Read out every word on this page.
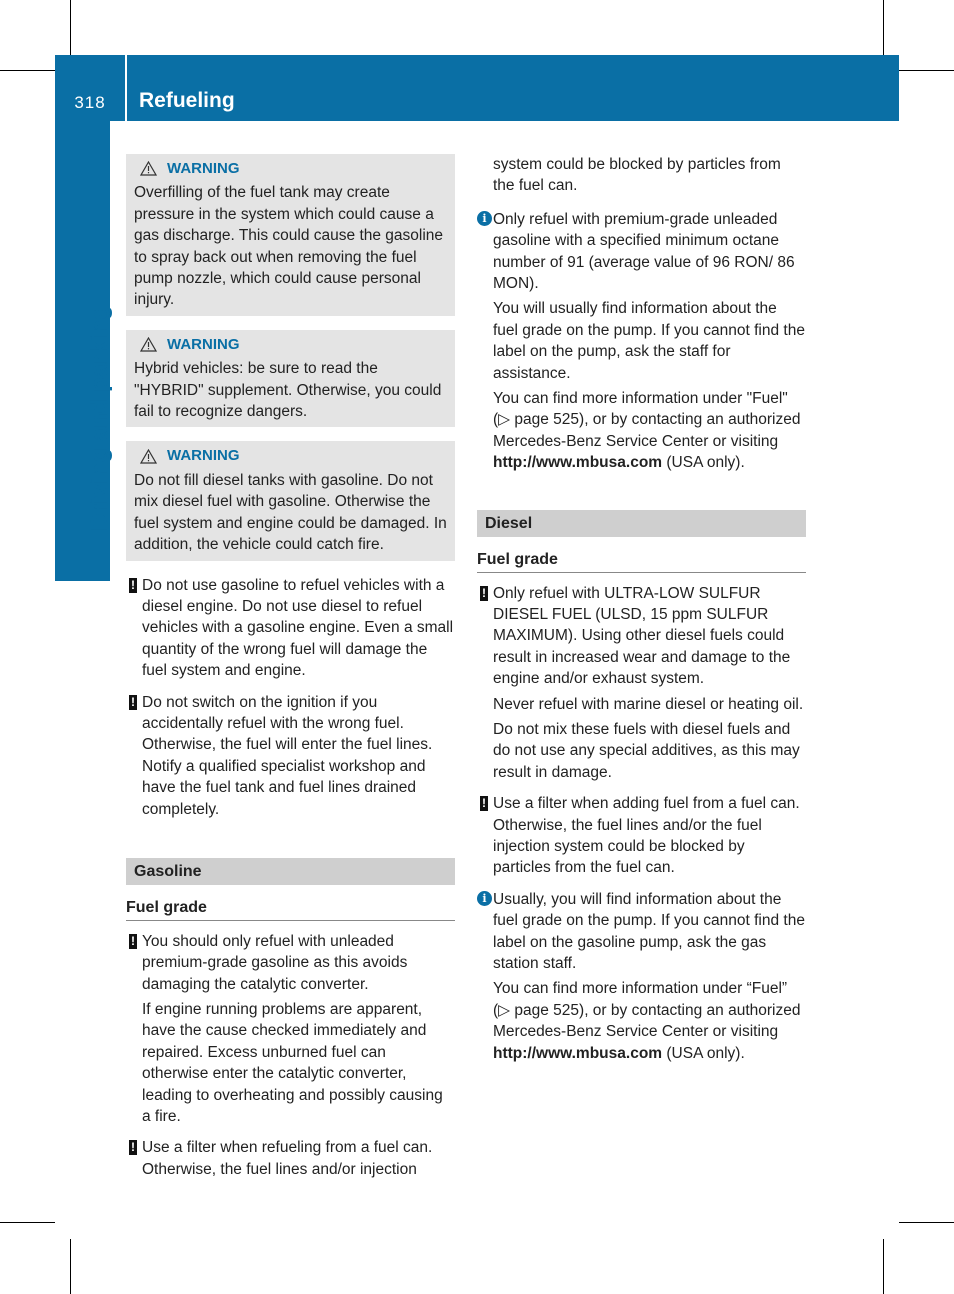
318	Refueling
Driving and parking
WARNING
Overfilling of the fuel tank may create pressure in the system which could cause a gas discharge. This could cause the gasoline to spray back out when removing the fuel pump nozzle, which could cause personal injury.
WARNING
Hybrid vehicles: be sure to read the "HYBRID" supplement. Otherwise, you could fail to recognize dangers.
WARNING
Do not fill diesel tanks with gasoline. Do not mix diesel fuel with gasoline. Otherwise the fuel system and engine could be damaged. In addition, the vehicle could catch fire.
! Do not use gasoline to refuel vehicles with a diesel engine. Do not use diesel to refuel vehicles with a gasoline engine. Even a small quantity of the wrong fuel will damage the fuel system and engine.

! Do not switch on the ignition if you accidentally refuel with the wrong fuel. Otherwise, the fuel will enter the fuel lines. Notify a qualified specialist workshop and have the fuel tank and fuel lines drained completely.

Gasoline
Fuel grade
! You should only refuel with unleaded premium-grade gasoline as this avoids damaging the catalytic converter.

If engine running problems are apparent, have the cause checked immediately and repaired. Excess unburned fuel can otherwise enter the catalytic converter, leading to overheating and possibly causing a fire.

! Use a filter when refueling from a fuel can. Otherwise, the fuel lines and/or injection

system could be blocked by particles from the fuel can.

i Only refuel with premium-grade unleaded gasoline with a specified minimum octane number of 91 (average value of 96 RON/ 86 MON).

You will usually find information about the fuel grade on the pump. If you cannot find the label on the pump, ask the staff for assistance.

You can find more information under "Fuel" (▷ page 525), or by contacting an authorized Mercedes-Benz Service Center or visiting http://www.mbusa.com (USA only).

Diesel
Fuel grade
! Only refuel with ULTRA-LOW SULFUR DIESEL FUEL (ULSD, 15 ppm SULFUR MAXIMUM). Using other diesel fuels could result in increased wear and damage to the engine and/or exhaust system.

Never refuel with marine diesel or heating oil.

Do not mix these fuels with diesel fuels and do not use any special additives, as this may result in damage.

! Use a filter when adding fuel from a fuel can. Otherwise, the fuel lines and/or the fuel injection system could be blocked by particles from the fuel can.

i Usually, you will find information about the fuel grade on the pump. If you cannot find the label on the gasoline pump, ask the gas station staff.

You can find more information under “Fuel” (▷ page 525), or by contacting an authorized Mercedes-Benz Service Center or visiting http://www.mbusa.com (USA only).
